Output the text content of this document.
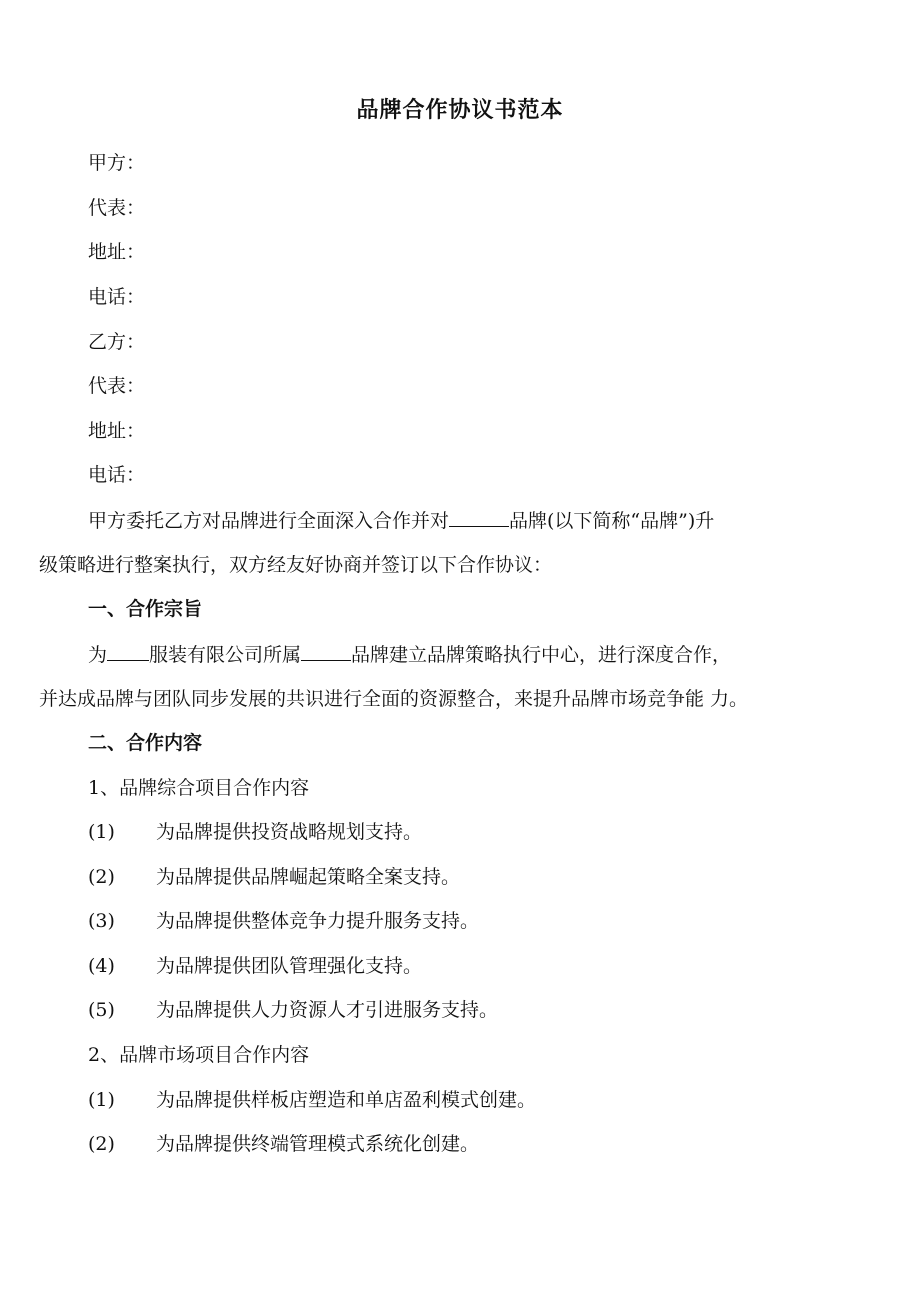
品牌合作协议书范本
甲方：
代表：
地址：
电话：
乙方：
代表：
地址：
电话：
甲方委托乙方对品牌进行全面深入合作并对	品牌(以下简称“品牌”)升
级策略进行整案执行，双方经友好协商并签订以下合作协议：
一、合作宗旨
为 服装有限公司所属	品牌建立品牌策略执行中心，进行深度合作，
并达成品牌与团队同步发展的共识进行全面的资源整合，来提升品牌市场竞争能 力。
二、合作内容
1、品牌综合项目合作内容
(1) 为品牌提供投资战略规划支持。
(2) 为品牌提供品牌崛起策略全案支持。
(3) 为品牌提供整体竞争力提升服务支持。
(4) 为品牌提供团队管理强化支持。
(5) 为品牌提供人力资源人才引进服务支持。
2、品牌市场项目合作内容
(1) 为品牌提供样板店塑造和单店盈利模式创建。
(2) 为品牌提供终端管理模式系统化创建。
